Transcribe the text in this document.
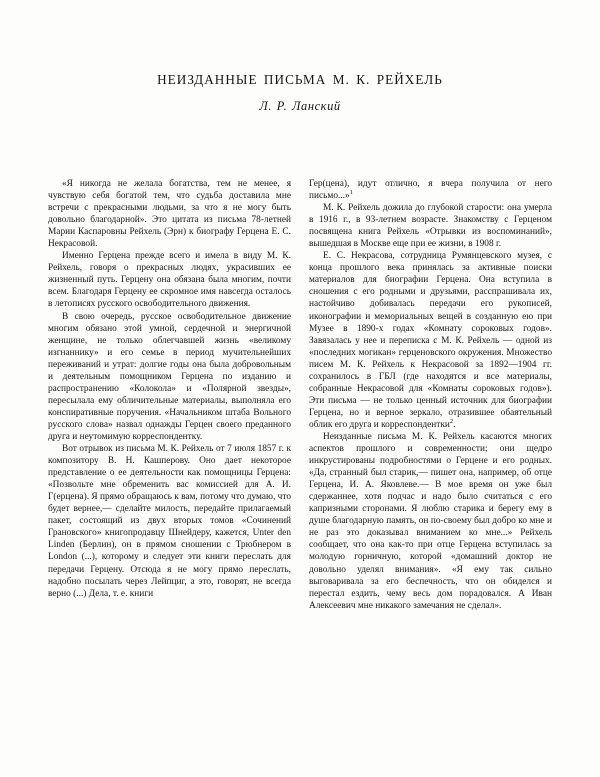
НЕИЗДАННЫЕ ПИСЬМА М. К. РЕЙХЕЛЬ
Л. Р. Ланский

«Я никогда не желала богатства, тем не менее, я чувствую себя богатой тем, что судьба доставила мне встречи с прекрасными людьми, за что я не могу быть довольно благодарной». Это цитата из письма 78-летней Марии Каспаровны Рейхель (Эрн) к биографу Герцена Е. С. Некрасовой.

Именно Герцена прежде всего и имела в виду М. К. Рейхель, говоря о прекрасных людях, украсивших ее жизненный путь. Герцену она обязана была многим, почти всем. Благодаря Герцену ее скромное имя навсегда осталось в летописях русского освободительного движения.

В свою очередь, русское освободительное движение многим обязано этой умной, сердечной и энергичной женщине, не только облегчавшей жизнь «великому изгнаннику» и его семье в период мучительнейших переживаний и утрат: долгие годы она была добровольным и деятельным помощником Герцена по изданию и распространению «Колокола» и «Полярной звезды», пересылала ему обличительные материалы, выполняла его конспиративные поручения. «Начальником штаба Вольного русского слова» назвал однажды Герцен своего преданного друга и неутомимую корреспондентку.

Вот отрывок из письма М. К. Рейхель от 7 июля 1857 г. к композитору В. Н. Кашперову. Оно дает некоторое представление о ее деятельности как помощницы Герцена: «Позвольте мне обременить вас комиссией для А. И. Г(ерцена). Я прямо обращаюсь к вам, потому что думаю, что будет вернее,— сделайте милость, передайте прилагаемый пакет, состоящий из двух вторых томов «Сочинений Грановского» книгопродавцу Шнейдеру, кажется, Unter den Linden (Берлин), он в прямом сношении с Трюбнером в London (...), которому и следует эти книги переслать для передачи Герцену. Отсюда я не могу прямо переслать, надобно посылать через Лейпциг, а это, говорят, не всегда верно (...) Дела, т. е. книги

Гер(цена), идут отлично, я вчера получила от него письмо...»$^1$

М. К. Рейхель дожила до глубокой старости: она умерла в 1916 г., в 93-летнем возрасте. Знакомству с Герценом посвящена книга Рейхель «Отрывки из воспоминаний», вышедшая в Москве еще при ее жизни, в 1908 г.

Е. С. Некрасова, сотрудница Румянцевского музея, с конца прошлого века принялась за активные поиски материалов для биографии Герцена. Она вступила в сношения с его родными и друзьями, расспрашивала их, настойчиво добивалась передачи его рукописей, иконографии и мемориальных вещей в созданную ею при Музее в 1890-х годах «Комнату сороковых годов». Завязалась у нее и переписка с М. К. Рейхель — одной из «последних могикан» герценовского окружения. Множество писем М. К. Рейхель к Некрасовой за 1892—1904 гг. сохранилось в ГБЛ (где находятся и все материалы, собранные Некрасовой для «Комнаты сороковых годов»). Эти письма — не только ценный источник для биографии Герцена, но и верное зеркало, отразившее обаятельный облик его друга и корреспондентки$^2$.

Неизданные письма М. К. Рейхель касаются многих аспектов прошлого и современности; они щедро инкрустированы подробностями о Герцене и его родных. «Да, странный был старик,— пишет она, например, об отце Герцена, И. А. Яковлеве.— В мое время он уже был сдержаннее, хотя подчас и надо было считаться с его капризными сторонами. Я люблю старика и берегу ему в душе благодарную память, он по-своему был добро ко мне и не раз это доказывал вниманием ко мне...» Рейхель сообщает, что она как-то при отце Герцена вступилась за молодую горничную, которой «домашний доктор не довольно уделял внимания». «Я ему так сильно выговаривала за его беспечность, что он обиделся и перестал ездить, чему весь дом порадовался. А Иван Алексеевич мне никакого замечания не сделал».
